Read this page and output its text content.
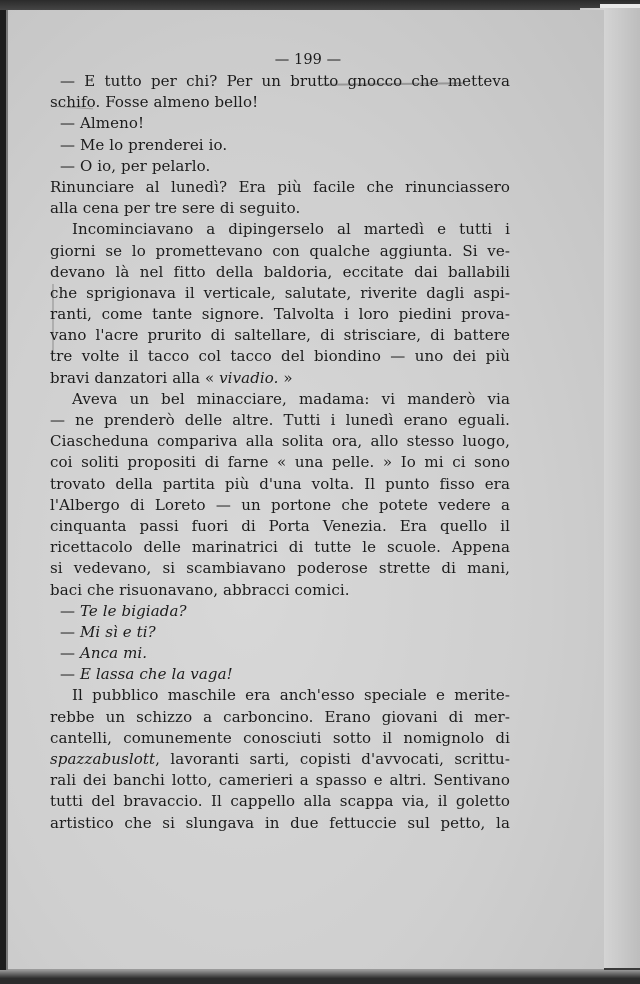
— 199 —
— E tutto per chi? Per un brutto gnocco che metteva
schifo. Fosse almeno bello!
— Almeno!
— Me lo prenderei io.
— O io, per pelarlo.
Rinunciare al lunedì? Era più facile che rinunciassero
alla cena per tre sere di seguito.
Incominciavano a dipingerselo al martedì e tutti i
giorni se lo promettevano con qualche aggiunta. Si ve-
devano là nel fitto della baldoria, eccitate dai ballabili
che sprigionava il verticale, salutate, riverite dagli aspi-
ranti, come tante signore. Talvolta i loro piedini prova-
vano l'acre prurito di saltellare, di strisciare, di battere
tre volte il tacco col tacco del biondino — uno dei più
bravi danzatori alla « vivadio. »
Aveva un bel minacciare, madama: vi manderò via
— ne prenderò delle altre. Tutti i lunedì erano eguali.
Ciascheduna compariva alla solita ora, allo stesso luogo,
coi soliti propositi di farne « una pelle. » Io mi ci sono
trovato della partita più d'una volta. Il punto fisso era
l'Albergo di Loreto — un portone che potete vedere a
cinquanta passi fuori di Porta Venezia. Era quello il
ricettacolo delle marinatrici di tutte le scuole. Appena
si vedevano, si scambiavano poderose strette di mani,
baci che risuonavano, abbracci comici.
— Te le bigiada?
— Mi sì e ti?
— Anca mi.
— E lassa che la vaga!
Il pubblico maschile era anch'esso speciale e merite-
rebbe un schizzo a carboncino. Erano giovani di mer-
cantelli, comunemente conosciuti sotto il nomignolo di
spazzabuslott, lavoranti sarti, copisti d'avvocati, scrittu-
rali dei banchi lotto, camerieri a spasso e altri. Sentivano
tutti del bravaccio. Il cappello alla scappa via, il goletto
artistico che si slungava in due fettuccie sul petto, la
